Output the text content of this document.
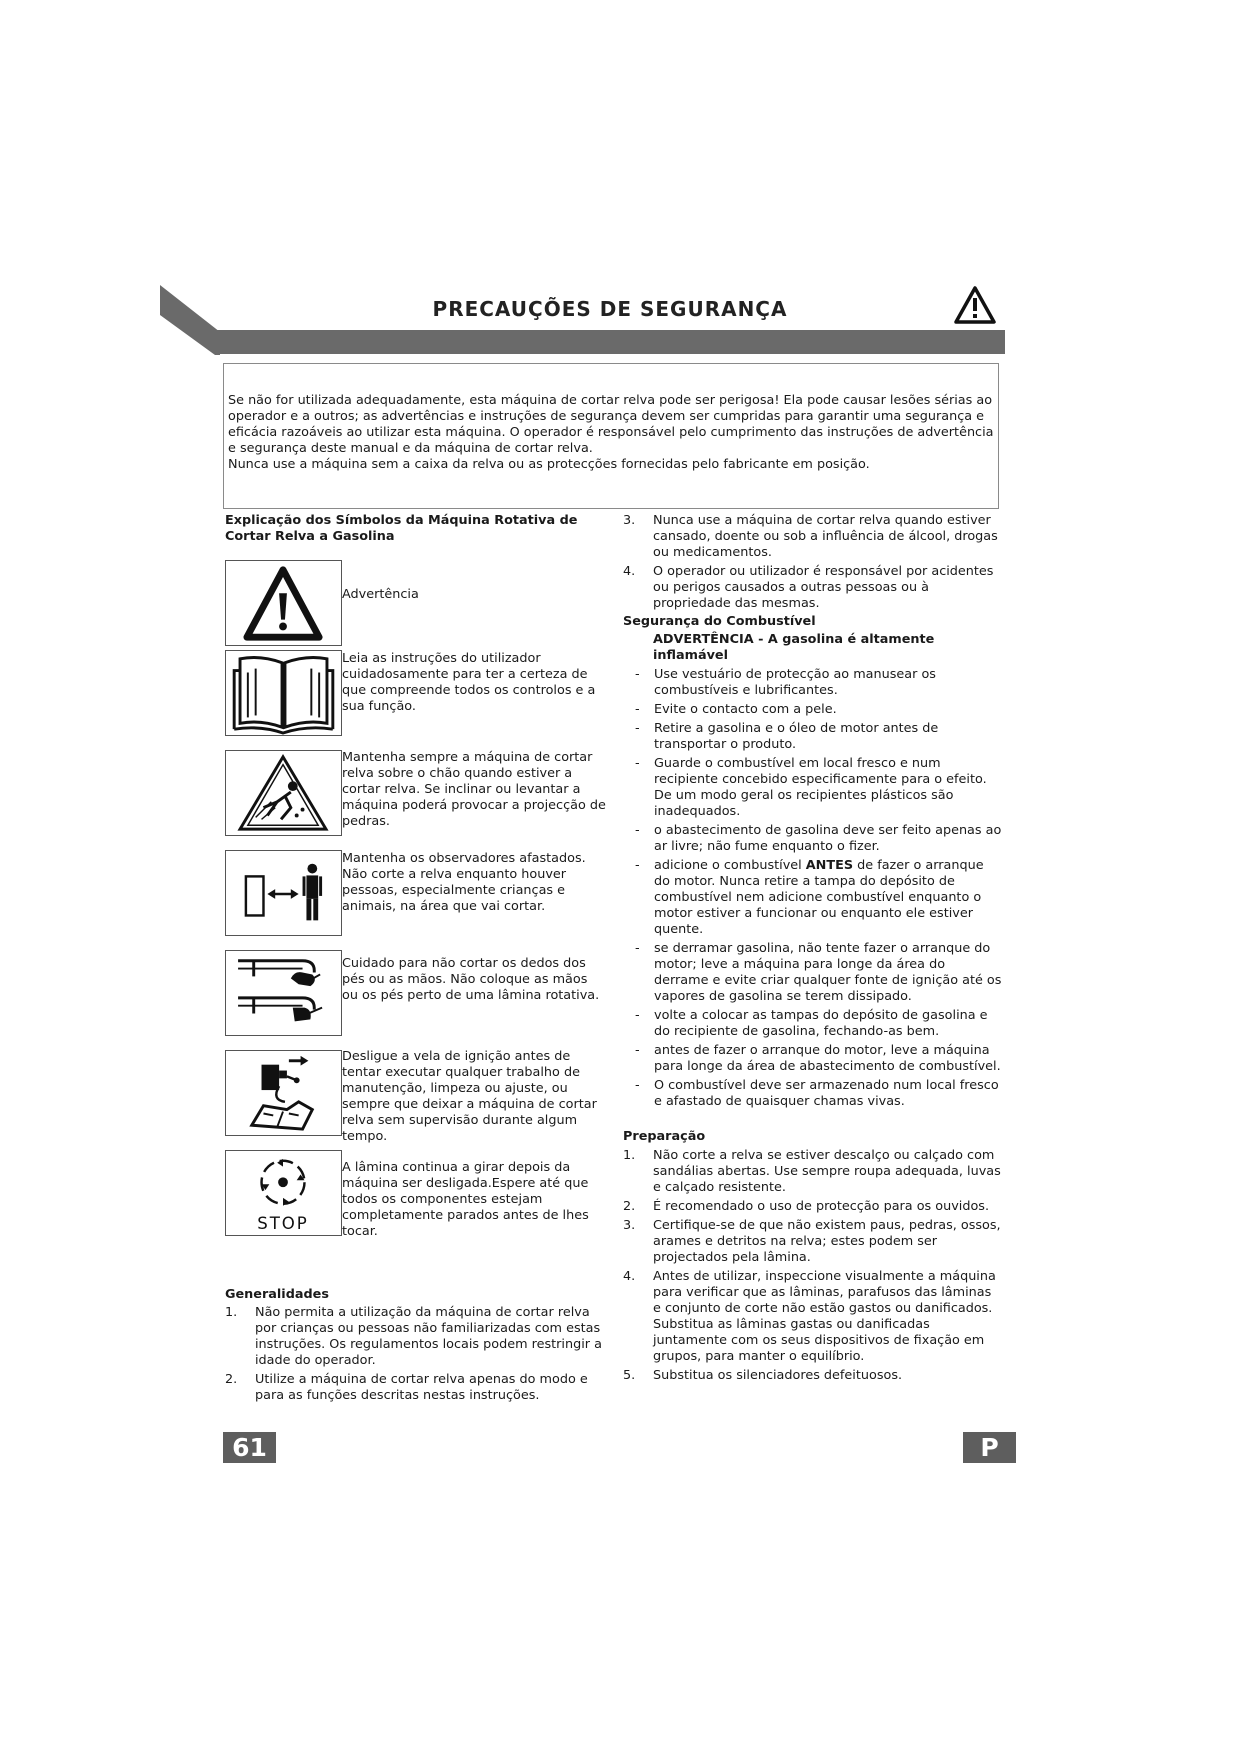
PRECAUÇÕES DE SEGURANÇA

Se não for utilizada adequadamente, esta máquina de cortar relva pode ser perigosa! Ela pode causar lesões sérias ao operador e a outros; as advertências e instruções de segurança devem ser cumpridas para garantir uma segurança e eficácia razoáveis ao utilizar esta máquina. O operador é responsável pelo cumprimento das instruções de advertência e segurança deste manual e da máquina de cortar relva.

Nunca use a máquina sem a caixa da relva ou as protecções fornecidas pelo fabricante em posição.

Explicação dos Símbolos da Máquina Rotativa de Cortar Relva a Gasolina

Advertência
Leia as instruções do utilizador cuidadosamente para ter a certeza de que compreende todos os controlos e a sua função.
Mantenha sempre a máquina de cortar relva sobre o chão quando estiver a cortar relva. Se inclinar ou levantar a máquina poderá provocar a projecção de pedras.
Mantenha os observadores afastados. Não corte a relva enquanto houver pessoas, especialmente crianças e animais, na área que vai cortar.
Cuidado para não cortar os dedos dos pés ou as mãos. Não coloque as mãos ou os pés perto de uma lâmina rotativa.
Desligue a vela de ignição antes de tentar executar qualquer trabalho de manutenção, limpeza ou ajuste, ou sempre que deixar a máquina de cortar relva sem supervisão durante algum tempo.
STOP
A lâmina continua a girar depois da máquina ser desligada.Espere até que todos os componentes estejam completamente parados antes de lhes tocar.

Generalidades

1. Não permita a utilização da máquina de cortar relva por crianças ou pessoas não familiarizadas com estas instruções. Os regulamentos locais podem restringir a idade do operador.
2. Utilize a máquina de cortar relva apenas do modo e para as funções descritas nestas instruções.
3. Nunca use a máquina de cortar relva quando estiver cansado, doente ou sob a influência de álcool, drogas ou medicamentos.
4. O operador ou utilizador é responsável por acidentes ou perigos causados a outras pessoas ou à propriedade das mesmas.

Segurança do Combustível

ADVERTÊNCIA - A gasolina é altamente inflamável
- Use vestuário de protecção ao manusear os combustíveis e lubrificantes.
- Evite o contacto com a pele.
- Retire a gasolina e o óleo de motor antes de transportar o produto.
- Guarde o combustível em local fresco e num recipiente concebido especificamente para o efeito. De um modo geral os recipientes plásticos são inadequados.
- o abastecimento de gasolina deve ser feito apenas ao ar livre; não fume enquanto o fizer.
- adicione o combustível ANTES de fazer o arranque do motor. Nunca retire a tampa do depósito de combustível nem adicione combustível enquanto o motor estiver a funcionar ou enquanto ele estiver quente.
- se derramar gasolina, não tente fazer o arranque do motor; leve a máquina para longe da área do derrame e evite criar qualquer fonte de ignição até os vapores de gasolina se terem dissipado.
- volte a colocar as tampas do depósito de gasolina e do recipiente de gasolina, fechando-as bem.
- antes de fazer o arranque do motor, leve a máquina para longe da área de abastecimento de combustível.
- O combustível deve ser armazenado num local fresco e afastado de quaisquer chamas vivas.

Preparação

1. Não corte a relva se estiver descalço ou calçado com sandálias abertas. Use sempre roupa adequada, luvas e calçado resistente.
2. É recomendado o uso de protecção para os ouvidos.
3. Certifique-se de que não existem paus, pedras, ossos, arames e detritos na relva; estes podem ser projectados pela lâmina.
4. Antes de utilizar, inspeccione visualmente a máquina para verificar que as lâminas, parafusos das lâminas e conjunto de corte não estão gastos ou danificados. Substitua as lâminas gastas ou danificadas juntamente com os seus dispositivos de fixação em grupos, para manter o equilíbrio.
5. Substitua os silenciadores defeituosos.
61	P
